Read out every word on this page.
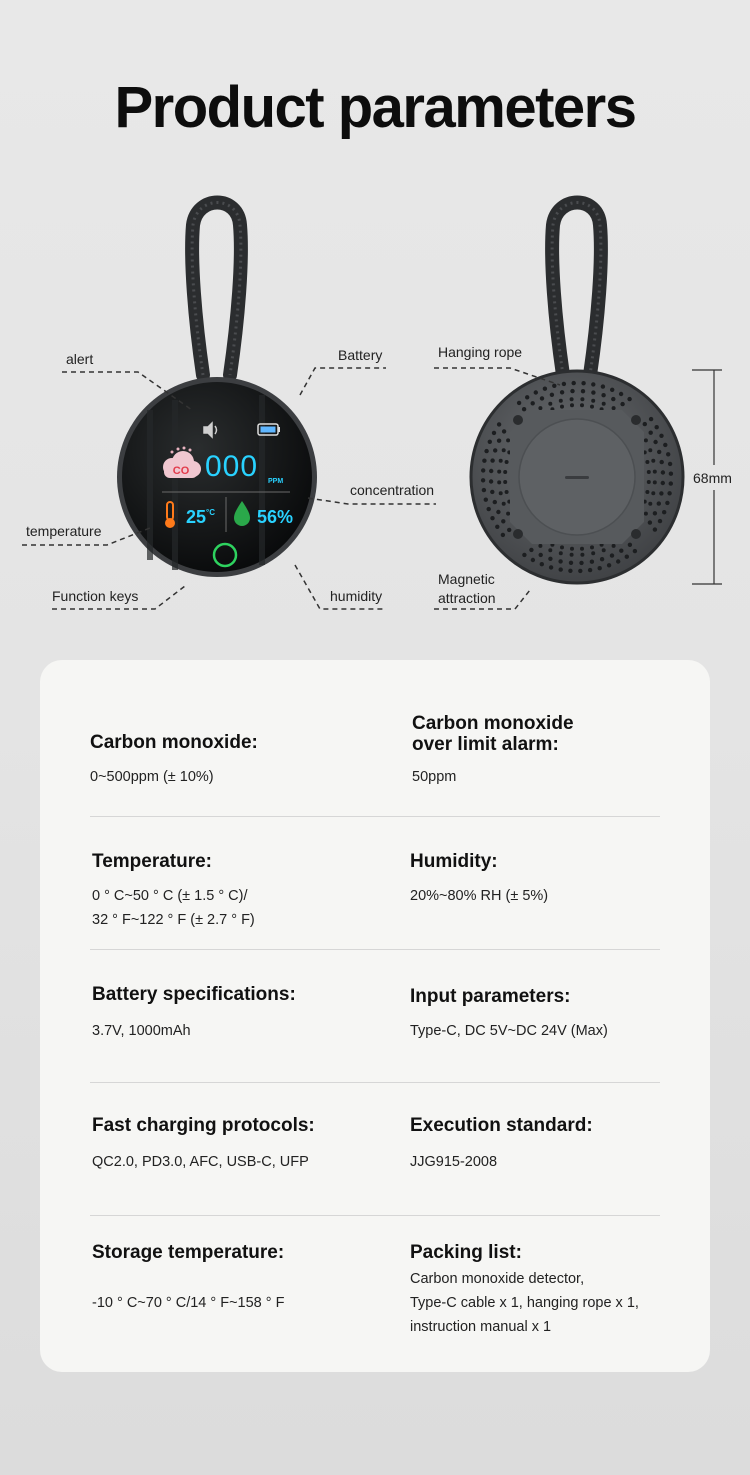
Product parameters
CO 000 PPM
$25^{^\circ C}$ 56%
alert	Battery
concentration
temperature
Function keys	humidity
Hanging rope
68mm
Magnetic
attraction
Carbon monoxide:
0~500ppm (± 10%)
Carbon monoxide
over limit alarm:
50ppm
Temperature:
0 ° C~50 ° C (± 1.5 ° C)/
32 ° F~122 ° F (± 2.7 ° F)
Humidity:
20%~80% RH (± 5%)
Battery specifications:
3.7V, 1000mAh
Input parameters:
Type-C, DC 5V~DC 24V (Max)
Fast charging protocols:
QC2.0, PD3.0, AFC, USB-C, UFP
Execution standard:
JJG915-2008
Storage temperature:
-10 ° C~70 ° C/14 ° F~158 ° F
Packing list:
Carbon monoxide detector,
Type-C cable x 1, hanging rope x 1,
instruction manual x 1
